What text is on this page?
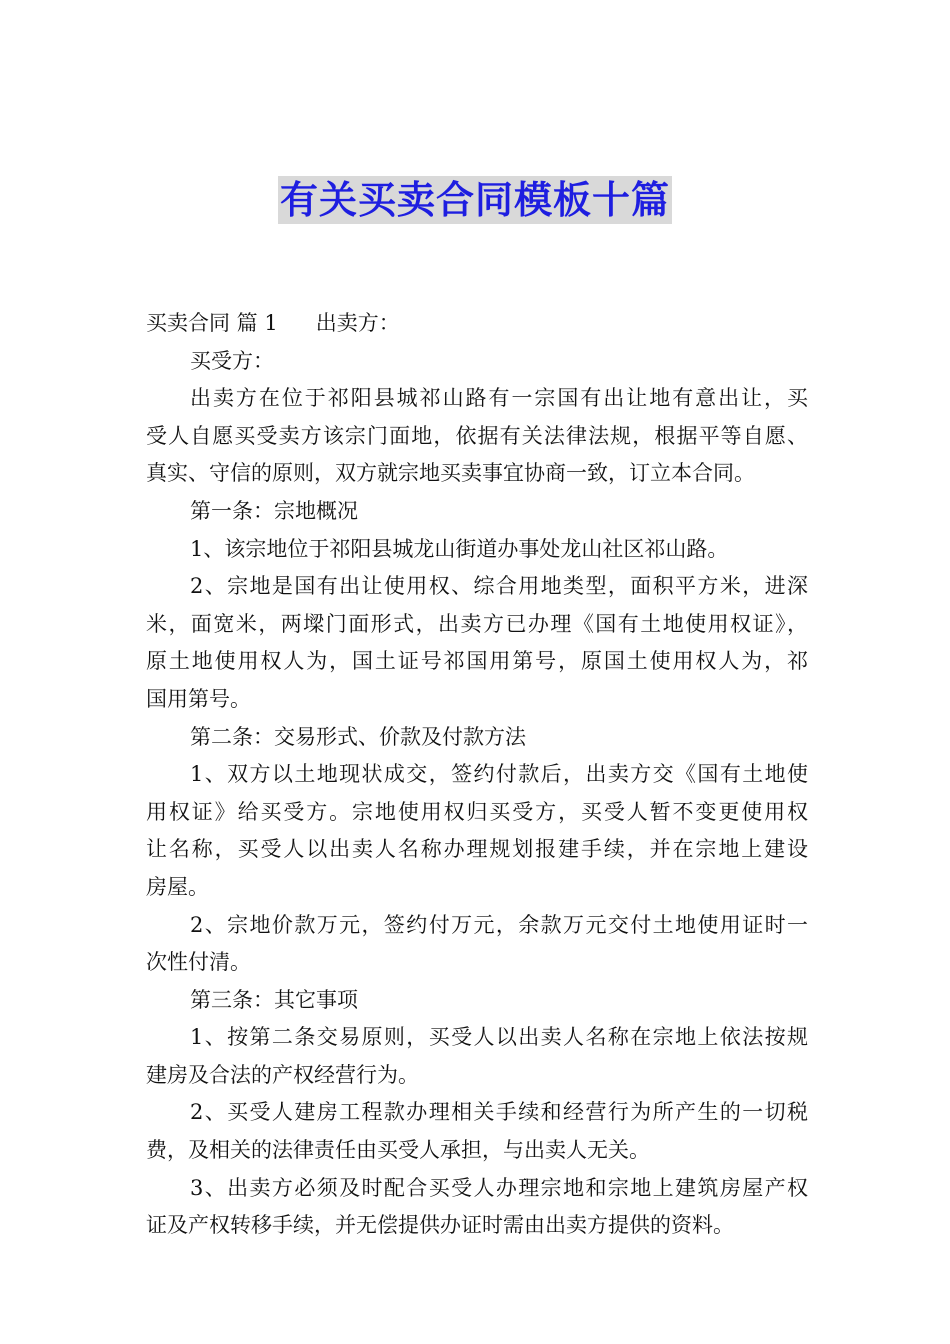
有关买卖合同模板十篇
买卖合同 篇 1 出卖方：
买受方：
出卖方在位于祁阳县城祁山路有一宗国有出让地有意出让，买
受人自愿买受卖方该宗门面地，依据有关法律法规，根据平等自愿、
真实、守信的原则，双方就宗地买卖事宜协商一致，订立本合同。
第一条：宗地概况
1、该宗地位于祁阳县城龙山街道办事处龙山社区祁山路。
2、宗地是国有出让使用权、综合用地类型，面积平方米，进深
米，面宽米，两墚门面形式，出卖方已办理《国有土地使用权证》，
原土地使用权人为，国土证号祁国用第号，原国土使用权人为，祁
国用第号。
第二条：交易形式、价款及付款方法
1、双方以土地现状成交，签约付款后，出卖方交《国有土地使
用权证》给买受方。宗地使用权归买受方，买受人暂不变更使用权
让名称，买受人以出卖人名称办理规划报建手续，并在宗地上建设
房屋。
2、宗地价款万元，签约付万元，余款万元交付土地使用证时一
次性付清。
第三条：其它事项
1、按第二条交易原则，买受人以出卖人名称在宗地上依法按规
建房及合法的产权经营行为。
2、买受人建房工程款办理相关手续和经营行为所产生的一切税
费，及相关的法律责任由买受人承担，与出卖人无关。
3、出卖方必须及时配合买受人办理宗地和宗地上建筑房屋产权
证及产权转移手续，并无偿提供办证时需由出卖方提供的资料。
